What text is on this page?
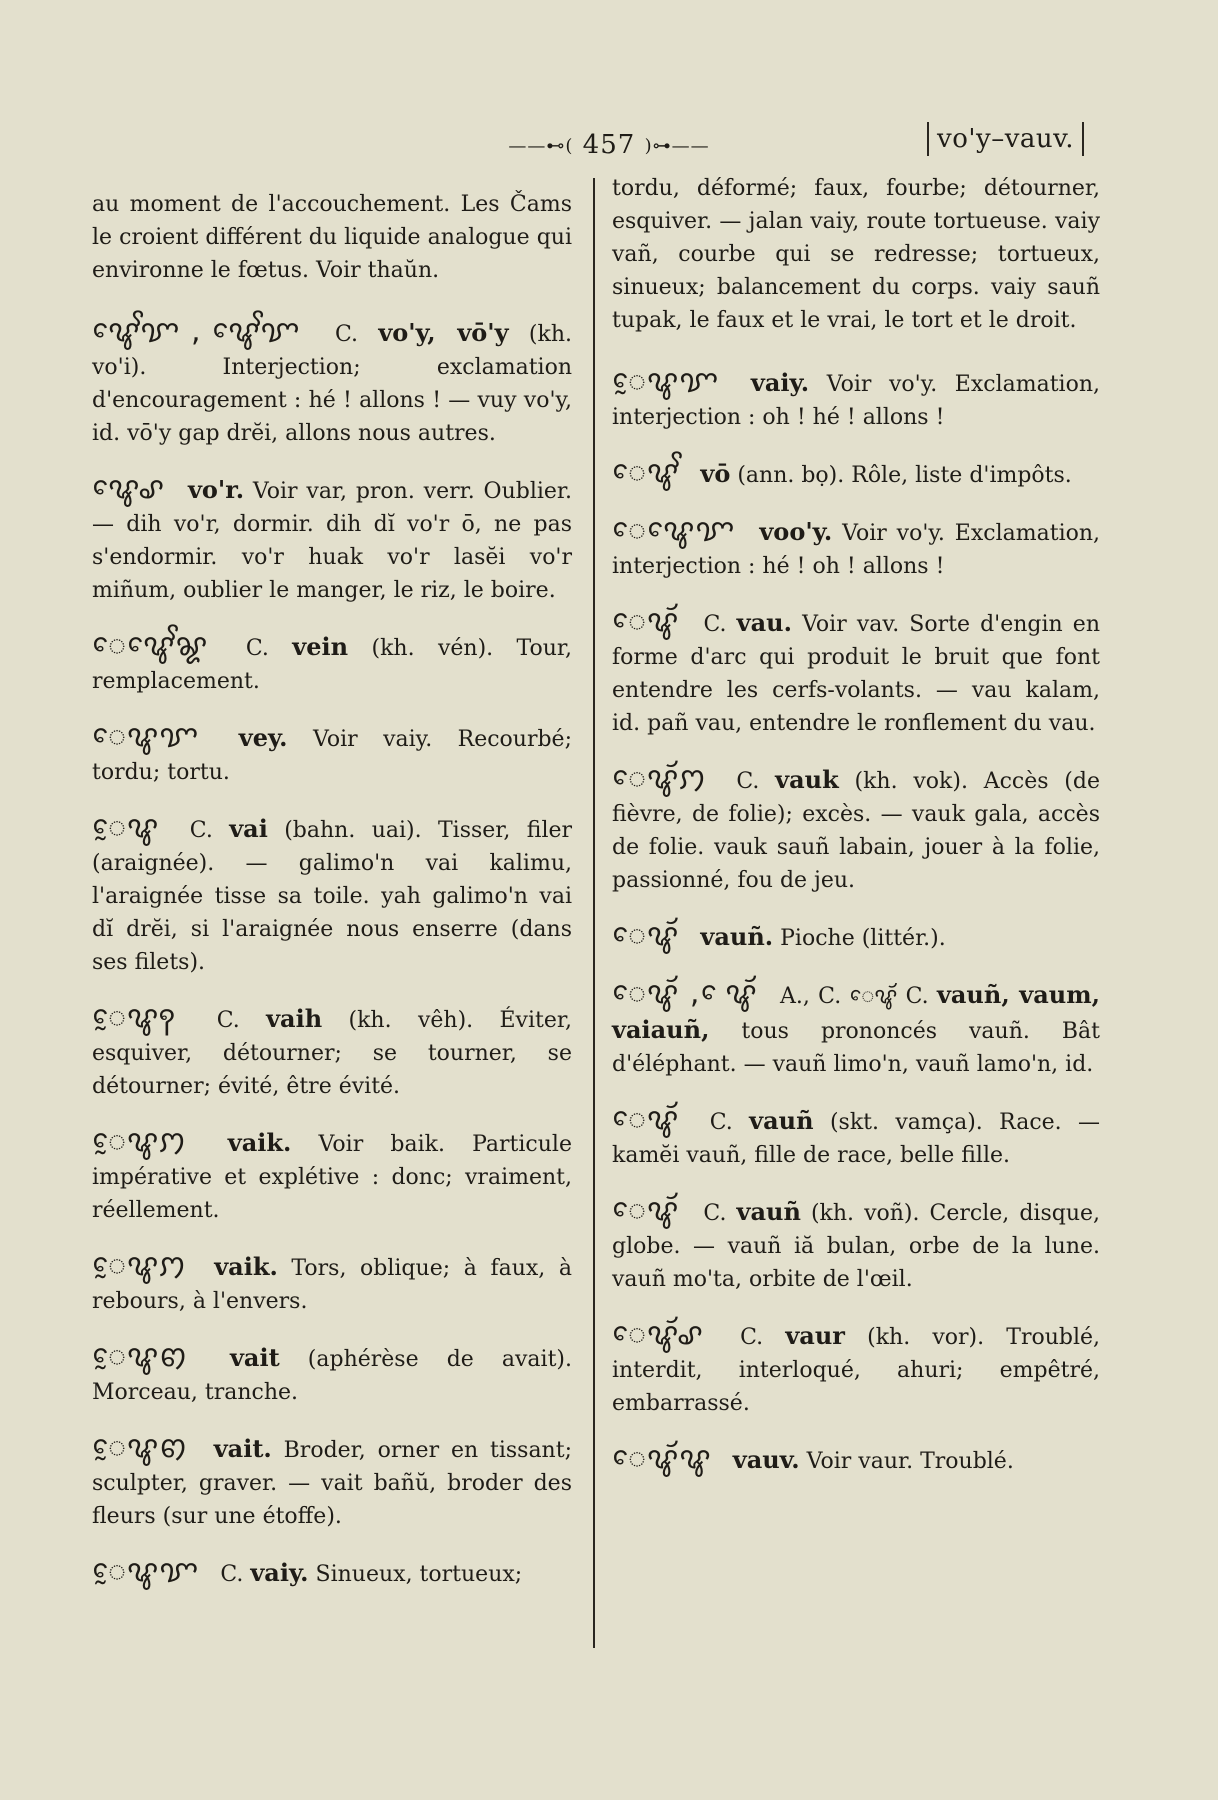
——⊷( 457 )⊶——	vo'y–vauv.

au moment de l'accouchement. Les Čams le croient différent du liquide analogue qui environne le fœtus. Voir thaŭn.

ꨥꨯꨩꨢ , ꨥꨯꨩꨢ C. vo'y, vō'y (kh. vo'i). Interjection; exclamation d'encouragement : hé ! allons ! — vuy vo'y, id. vō'y gap drĕi, allons nous autres.

ꨥꨯꨣ vo'r. Voir var, pron. verr. Oublier. — dih vo'r, dormir. dih dĭ vo'r ō, ne pas s'endormir. vo'r huak vo'r lasĕi vo'r miñum, oublier le manger, le riz, le boire.

ꨯꨥꨯꨩꨘ C. vein (kh. vén). Tour, remplacement.

ꨯꨥꨢ vey. Voir vaiy. Recourbé; tordu; tortu.

ꨰꨥ C. vai (bahn. uai). Tisser, filer (araignée). — galimo'n vai kalimu, l'araignée tisse sa toile. yah galimo'n vai dĭ drĕi, si l'araignée nous enserre (dans ses filets).

ꨰꨥꩍ C. vaih (kh. vêh). Éviter, esquiver, détourner; se tourner, se détourner; évité, être évité.

ꨰꨥꩀ vaik. Voir baik. Particule impérative et explétive : donc; vraiment, réellement.

ꨰꨥꩀ vaik. Tors, oblique; à faux, à rebours, à l'envers.

ꨰꨥꩅ vait (aphérèse de avait). Morceau, tranche.

ꨰꨥꩅ vait. Broder, orner en tissant; sculpter, graver. — vait bañŭ, broder des fleurs (sur une étoffe).

ꨰꨥꨢ C. vaiy. Sinueux, tortueux;

tordu, déformé; faux, fourbe; détourner, esquiver. — jalan vaiy, route tortueuse. vaiy vañ, courbe qui se redresse; tortueux, sinueux; balancement du corps. vaiy sauñ tupak, le faux et le vrai, le tort et le droit.

ꨰꨥꨢ vaiy. Voir vo'y. Exclamation, interjection : oh ! hé ! allons !

ꨯꨥꨩ vō (ann. bọ). Rôle, liste d'impôts.

ꨯꨥꨯꨢ voo'y. Voir vo'y. Exclamation, interjection : hé ! oh ! allons !

ꨯꨥꨮ C. vau. Voir vav. Sorte d'engin en forme d'arc qui produit le bruit que font entendre les cerfs-volants. — vau kalam, id. pañ vau, entendre le ronflement du vau.

ꨯꨥꨮꩀ C. vauk (kh. vok). Accès (de fièvre, de folie); excès. — vauk gala, accès de folie. vauk sauñ labain, jouer à la folie, passionné, fou de jeu.

ꨯꨥꨮ vauñ. Pioche (littér.).

ꨯꨥꨮ , ꨯꨥꨮ A., C. ꨯꨥꨮ C. vauñ, vaum, vaiauñ, tous prononcés vauñ. Bât d'éléphant. — vauñ limo'n, vauñ lamo'n, id.

ꨯꨥꨮ C. vauñ (skt. vamça). Race. — kamĕi vauñ, fille de race, belle fille.

ꨯꨥꨮ C. vauñ (kh. voñ). Cercle, disque, globe. — vauñ iă bulan, orbe de la lune. vauñ mo'ta, orbite de l'œil.

ꨯꨥꨮꨣ C. vaur (kh. vor). Troublé, interdit, interloqué, ahuri; empêtré, embarrassé.

ꨯꨥꨮꨥ vauv. Voir vaur. Troublé.
